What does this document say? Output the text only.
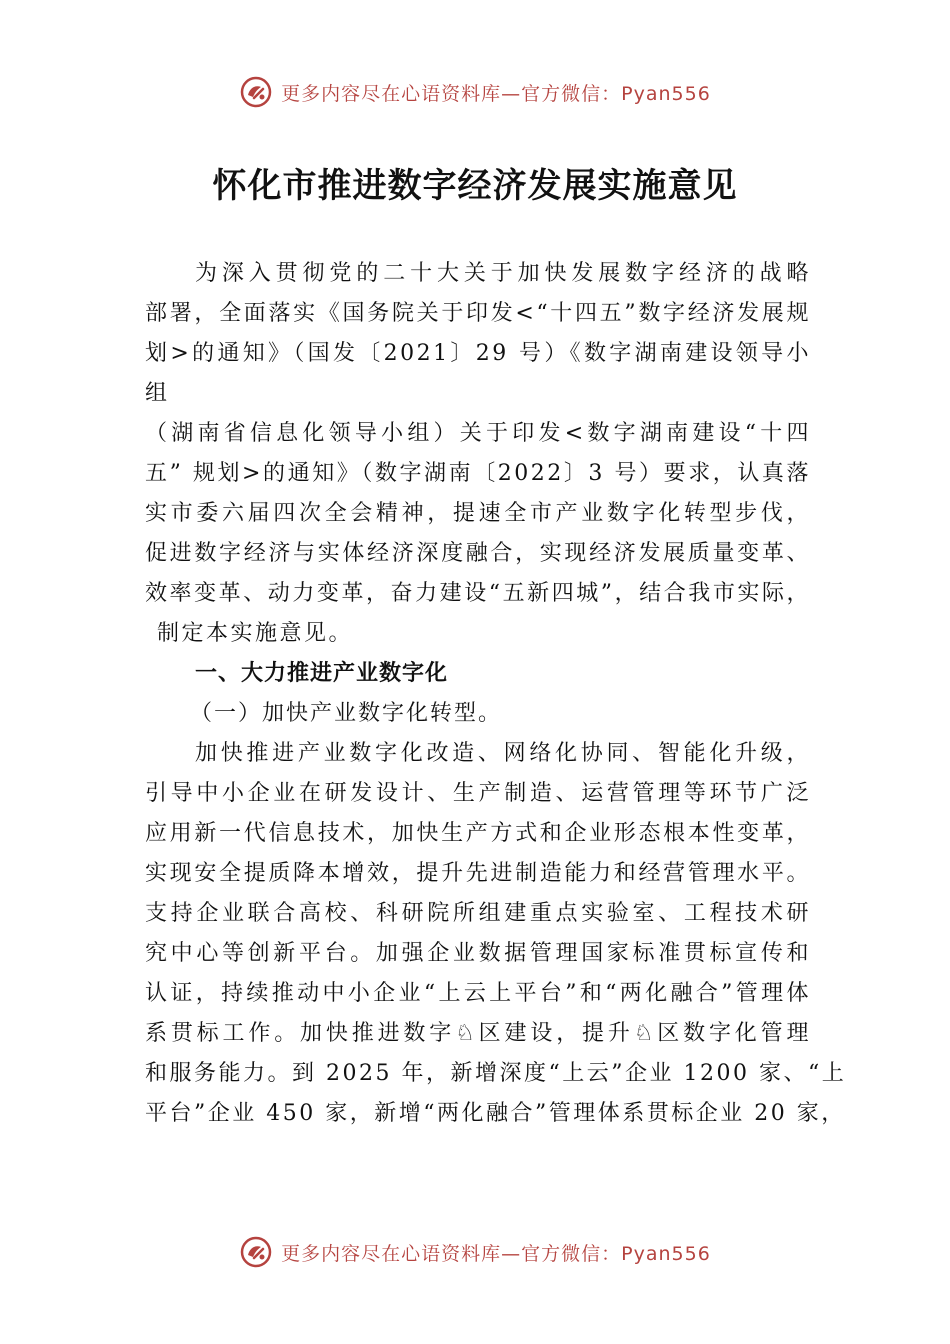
更多内容尽在心语资料库—官方微信：Pyan556
怀化市推进数字经济发展实施意见
为深入贯彻党的二十大关于加快发展数字经济的战略
部署，全面落实《国务院关于印发<“十四五”数字经济发展规
划>的通知》（国发〔2021〕29 号）《数字湖南建设领导小
组
（湖南省信息化领导小组）关于印发<数字湖南建设“十四
五” 规划>的通知》（数字湖南〔2022〕3 号）要求，认真落
实市委六届四次全会精神，提速全市产业数字化转型步伐，
促进数字经济与实体经济深度融合，实现经济发展质量变革、
效率变革、动力变革，奋力建设“五新四城”，结合我市实际，
制定本实施意见。
一、大力推进产业数字化
（一）加快产业数字化转型。
加快推进产业数字化改造、网络化协同、智能化升级，
引导中小企业在研发设计、生产制造、运营管理等环节广泛
应用新一代信息技术，加快生产方式和企业形态根本性变革，
实现安全提质降本增效，提升先进制造能力和经营管理水平。
支持企业联合高校、科研院所组建重点实验室、工程技术研
究中心等创新平台。加强企业数据管理国家标准贯标宣传和
认证，持续推动中小企业“上云上平台”和“两化融合”管理体
系贯标工作。加快推进数字♘区建设，提升♘区数字化管理
和服务能力。到 2025 年，新增深度“上云”企业 1200 家、“上
平台”企业 450 家，新增“两化融合”管理体系贯标企业 20 家，
更多内容尽在心语资料库—官方微信：Pyan556
